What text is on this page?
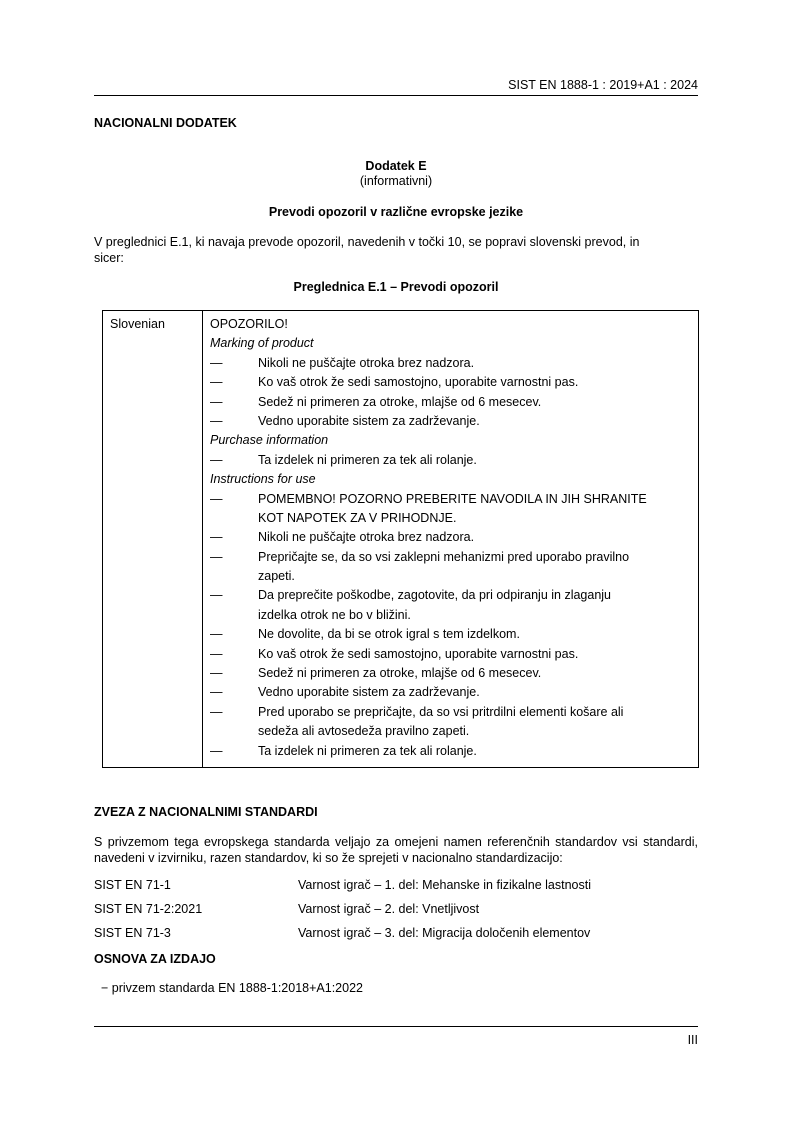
SIST EN 1888-1 : 2019+A1 : 2024
NACIONALNI DODATEK
Dodatek E
(informativni)
Prevodi opozoril v različne evropske jezike
V preglednici E.1, ki navaja prevode opozoril, navedenih v točki 10, se popravi slovenski prevod, in
sicer:
Preglednica E.1 – Prevodi opozoril
Slovenian	OPOZORILO!
Marking of product
—	Nikoli ne puščajte otroka brez nadzora.
—	Ko vaš otrok že sedi samostojno, uporabite varnostni pas.
—	Sedež ni primeren za otroke, mlajše od 6 mesecev.
—	Vedno uporabite sistem za zadrževanje.
Purchase information
—	Ta izdelek ni primeren za tek ali rolanje.
Instructions for use
—	POMEMBNO! POZORNO PREBERITE NAVODILA IN JIH SHRANITE
KOT NAPOTEK ZA V PRIHODNJE.
—	Nikoli ne puščajte otroka brez nadzora.
—	Prepričajte se, da so vsi zaklepni mehanizmi pred uporabo pravilno
zapeti.
—	Da preprečite poškodbe, zagotovite, da pri odpiranju in zlaganju
izdelka otrok ne bo v bližini.
—	Ne dovolite, da bi se otrok igral s tem izdelkom.
—	Ko vaš otrok že sedi samostojno, uporabite varnostni pas.
—	Sedež ni primeren za otroke, mlajše od 6 mesecev.
—	Vedno uporabite sistem za zadrževanje.
—	Pred uporabo se prepričajte, da so vsi pritrdilni elementi košare ali
sedeža ali avtosedeža pravilno zapeti.
—	Ta izdelek ni primeren za tek ali rolanje.
ZVEZA Z NACIONALNIMI STANDARDI
S privzemom tega evropskega standarda veljajo za omejeni namen referenčnih standardov vsi standardi, navedeni v izvirniku, razen standardov, ki so že sprejeti v nacionalno standardizacijo:
SIST EN 71-1	Varnost igrač – 1. del: Mehanske in fizikalne lastnosti
SIST EN 71-2:2021	Varnost igrač – 2. del: Vnetljivost
SIST EN 71-3	Varnost igrač – 3. del: Migracija določenih elementov
OSNOVA ZA IZDAJO
− privzem standarda EN 1888-1:2018+A1:2022
III
